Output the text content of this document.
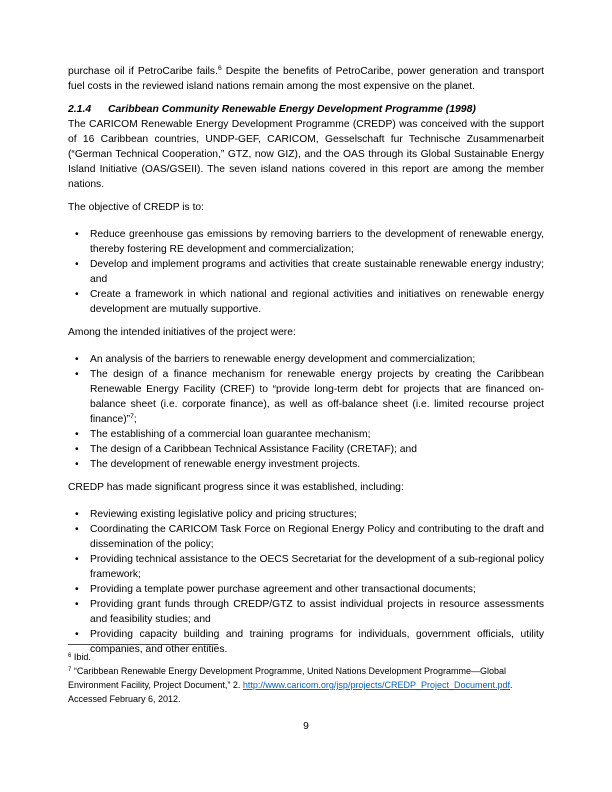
purchase oil if PetroCaribe fails.$^6$ Despite the benefits of PetroCaribe, power generation and transport fuel costs in the reviewed island nations remain among the most expensive on the planet.

2.1.4 Caribbean Community Renewable Energy Development Programme (1998)

The CARICOM Renewable Energy Development Programme (CREDP) was conceived with the support of 16 Caribbean countries, UNDP-GEF, CARICOM, Gesselschaft fur Technische Zusammenarbeit (“German Technical Cooperation,” GTZ, now GIZ), and the OAS through its Global Sustainable Energy Island Initiative (OAS/GSEII). The seven island nations covered in this report are among the member nations.

The objective of CREDP is to:

• Reduce greenhouse gas emissions by removing barriers to the development of renewable energy, thereby fostering RE development and commercialization;
• Develop and implement programs and activities that create sustainable renewable energy industry; and
• Create a framework in which national and regional activities and initiatives on renewable energy development are mutually supportive.

Among the intended initiatives of the project were:

• An analysis of the barriers to renewable energy development and commercialization;
• The design of a finance mechanism for renewable energy projects by creating the Caribbean Renewable Energy Facility (CREF) to “provide long-term debt for projects that are financed on-balance sheet (i.e. corporate finance), as well as off-balance sheet (i.e. limited recourse project finance)”$^7$;
• The establishing of a commercial loan guarantee mechanism;
• The design of a Caribbean Technical Assistance Facility (CRETAF); and
• The development of renewable energy investment projects.

CREDP has made significant progress since it was established, including:

• Reviewing existing legislative policy and pricing structures;
• Coordinating the CARICOM Task Force on Regional Energy Policy and contributing to the draft and dissemination of the policy;
• Providing technical assistance to the OECS Secretariat for the development of a sub-regional policy framework;
• Providing a template power purchase agreement and other transactional documents;
• Providing grant funds through CREDP/GTZ to assist individual projects in resource assessments and feasibility studies; and
• Providing capacity building and training programs for individuals, government officials, utility companies, and other entities.

$^6$ Ibid.

$^7$ “Caribbean Renewable Energy Development Programme, United Nations Development Programme—Global Environment Facility, Project Document,” 2. http://www.caricom.org/jsp/projects/CREDP_Project_Document.pdf. Accessed February 6, 2012.

9
